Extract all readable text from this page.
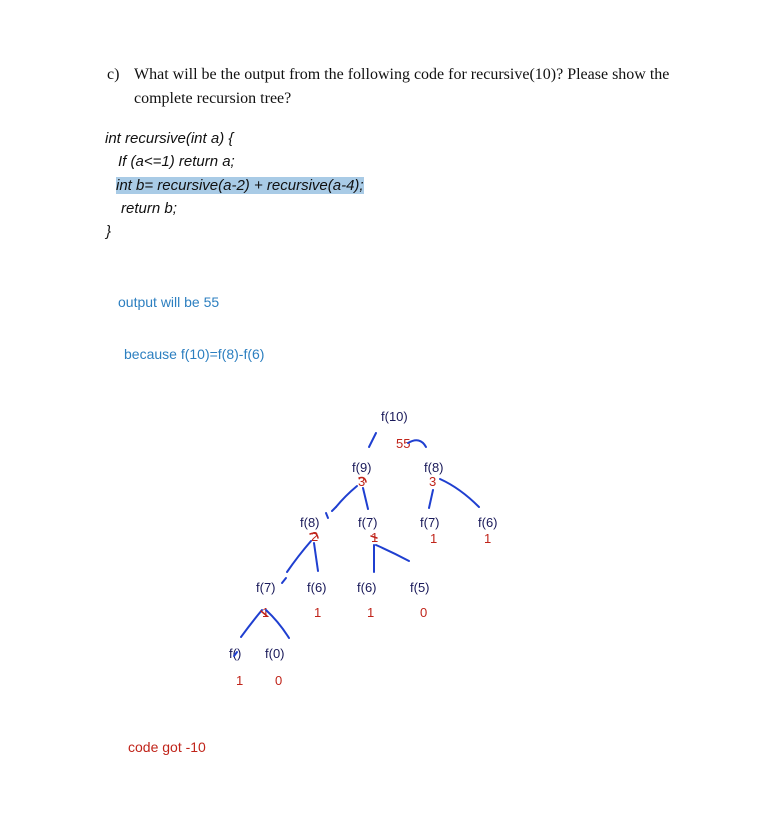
c) What will be the output from the following code for recursive(10)? Please show the
complete recursion tree?
int recursive(int a) {
If (a<=1) return a;
int b= recursive(a-2) + recursive(a-4);
return b;
}
output will be 55
because f(10)=f(8)-f(6)
code got -10
f(10)
55
f(9)
3
f(8)
3
f(8)
2
f(7)
1
f(7)
1
f(6)
1
f(7)
1
f(6)
1
f(6)
1
f(5)
0
f()
1
f(0)
0
